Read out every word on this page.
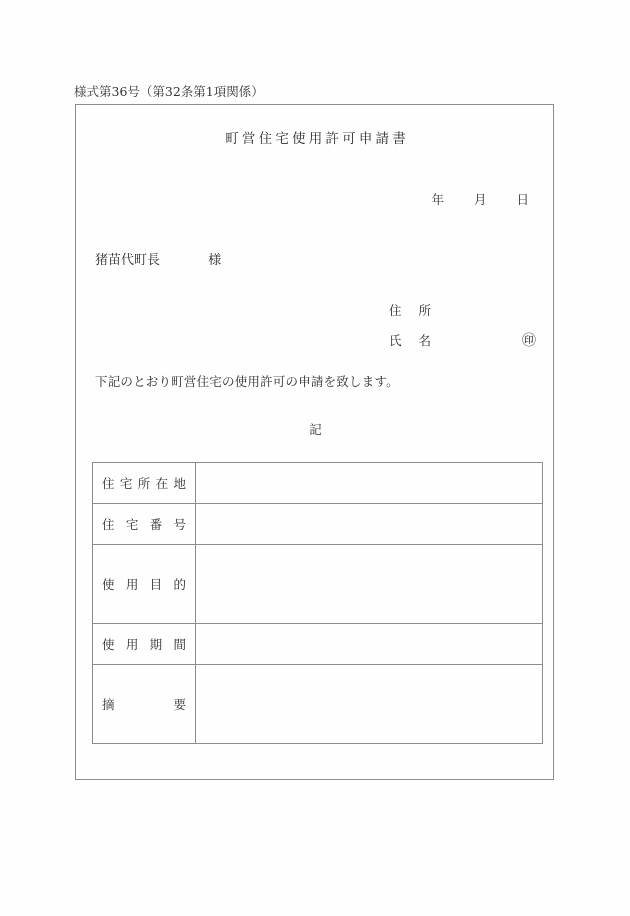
様式第36号（第32条第1項関係）
町営住宅使用許可申請書
年 月 日
猪苗代町長	様
住　所
氏　名	㊞
下記のとおり町営住宅の使用許可の申請を致します。
記
住宅所在地	

住宅番号	

使用目的	

使用期間	

摘要	
